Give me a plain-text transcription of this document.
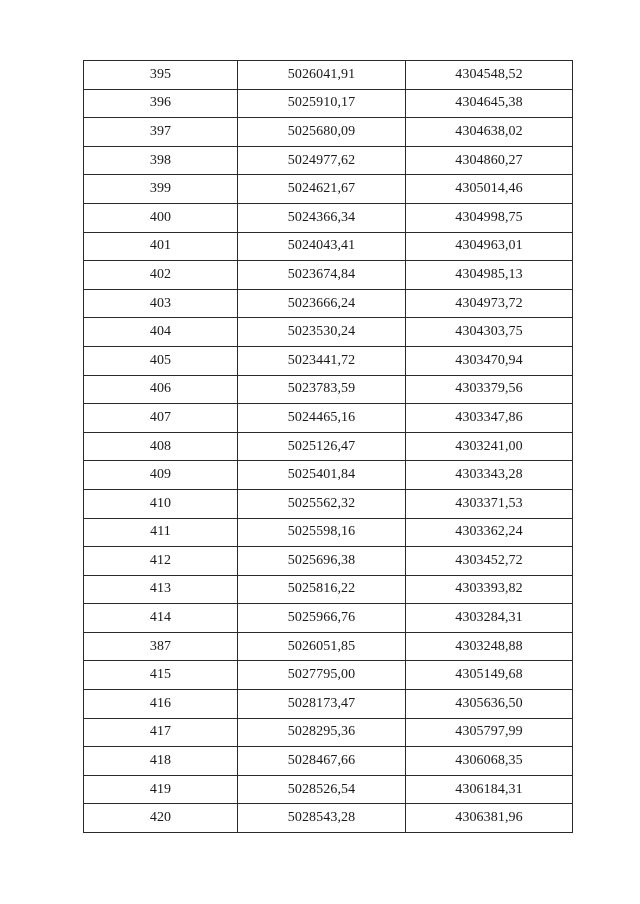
395	5026041,91	4304548,52
396	5025910,17	4304645,38
397	5025680,09	4304638,02
398	5024977,62	4304860,27
399	5024621,67	4305014,46
400	5024366,34	4304998,75
401	5024043,41	4304963,01
402	5023674,84	4304985,13
403	5023666,24	4304973,72
404	5023530,24	4304303,75
405	5023441,72	4303470,94
406	5023783,59	4303379,56
407	5024465,16	4303347,86
408	5025126,47	4303241,00
409	5025401,84	4303343,28
410	5025562,32	4303371,53
411	5025598,16	4303362,24
412	5025696,38	4303452,72
413	5025816,22	4303393,82
414	5025966,76	4303284,31
387	5026051,85	4303248,88
415	5027795,00	4305149,68
416	5028173,47	4305636,50
417	5028295,36	4305797,99
418	5028467,66	4306068,35
419	5028526,54	4306184,31
420	5028543,28	4306381,96
